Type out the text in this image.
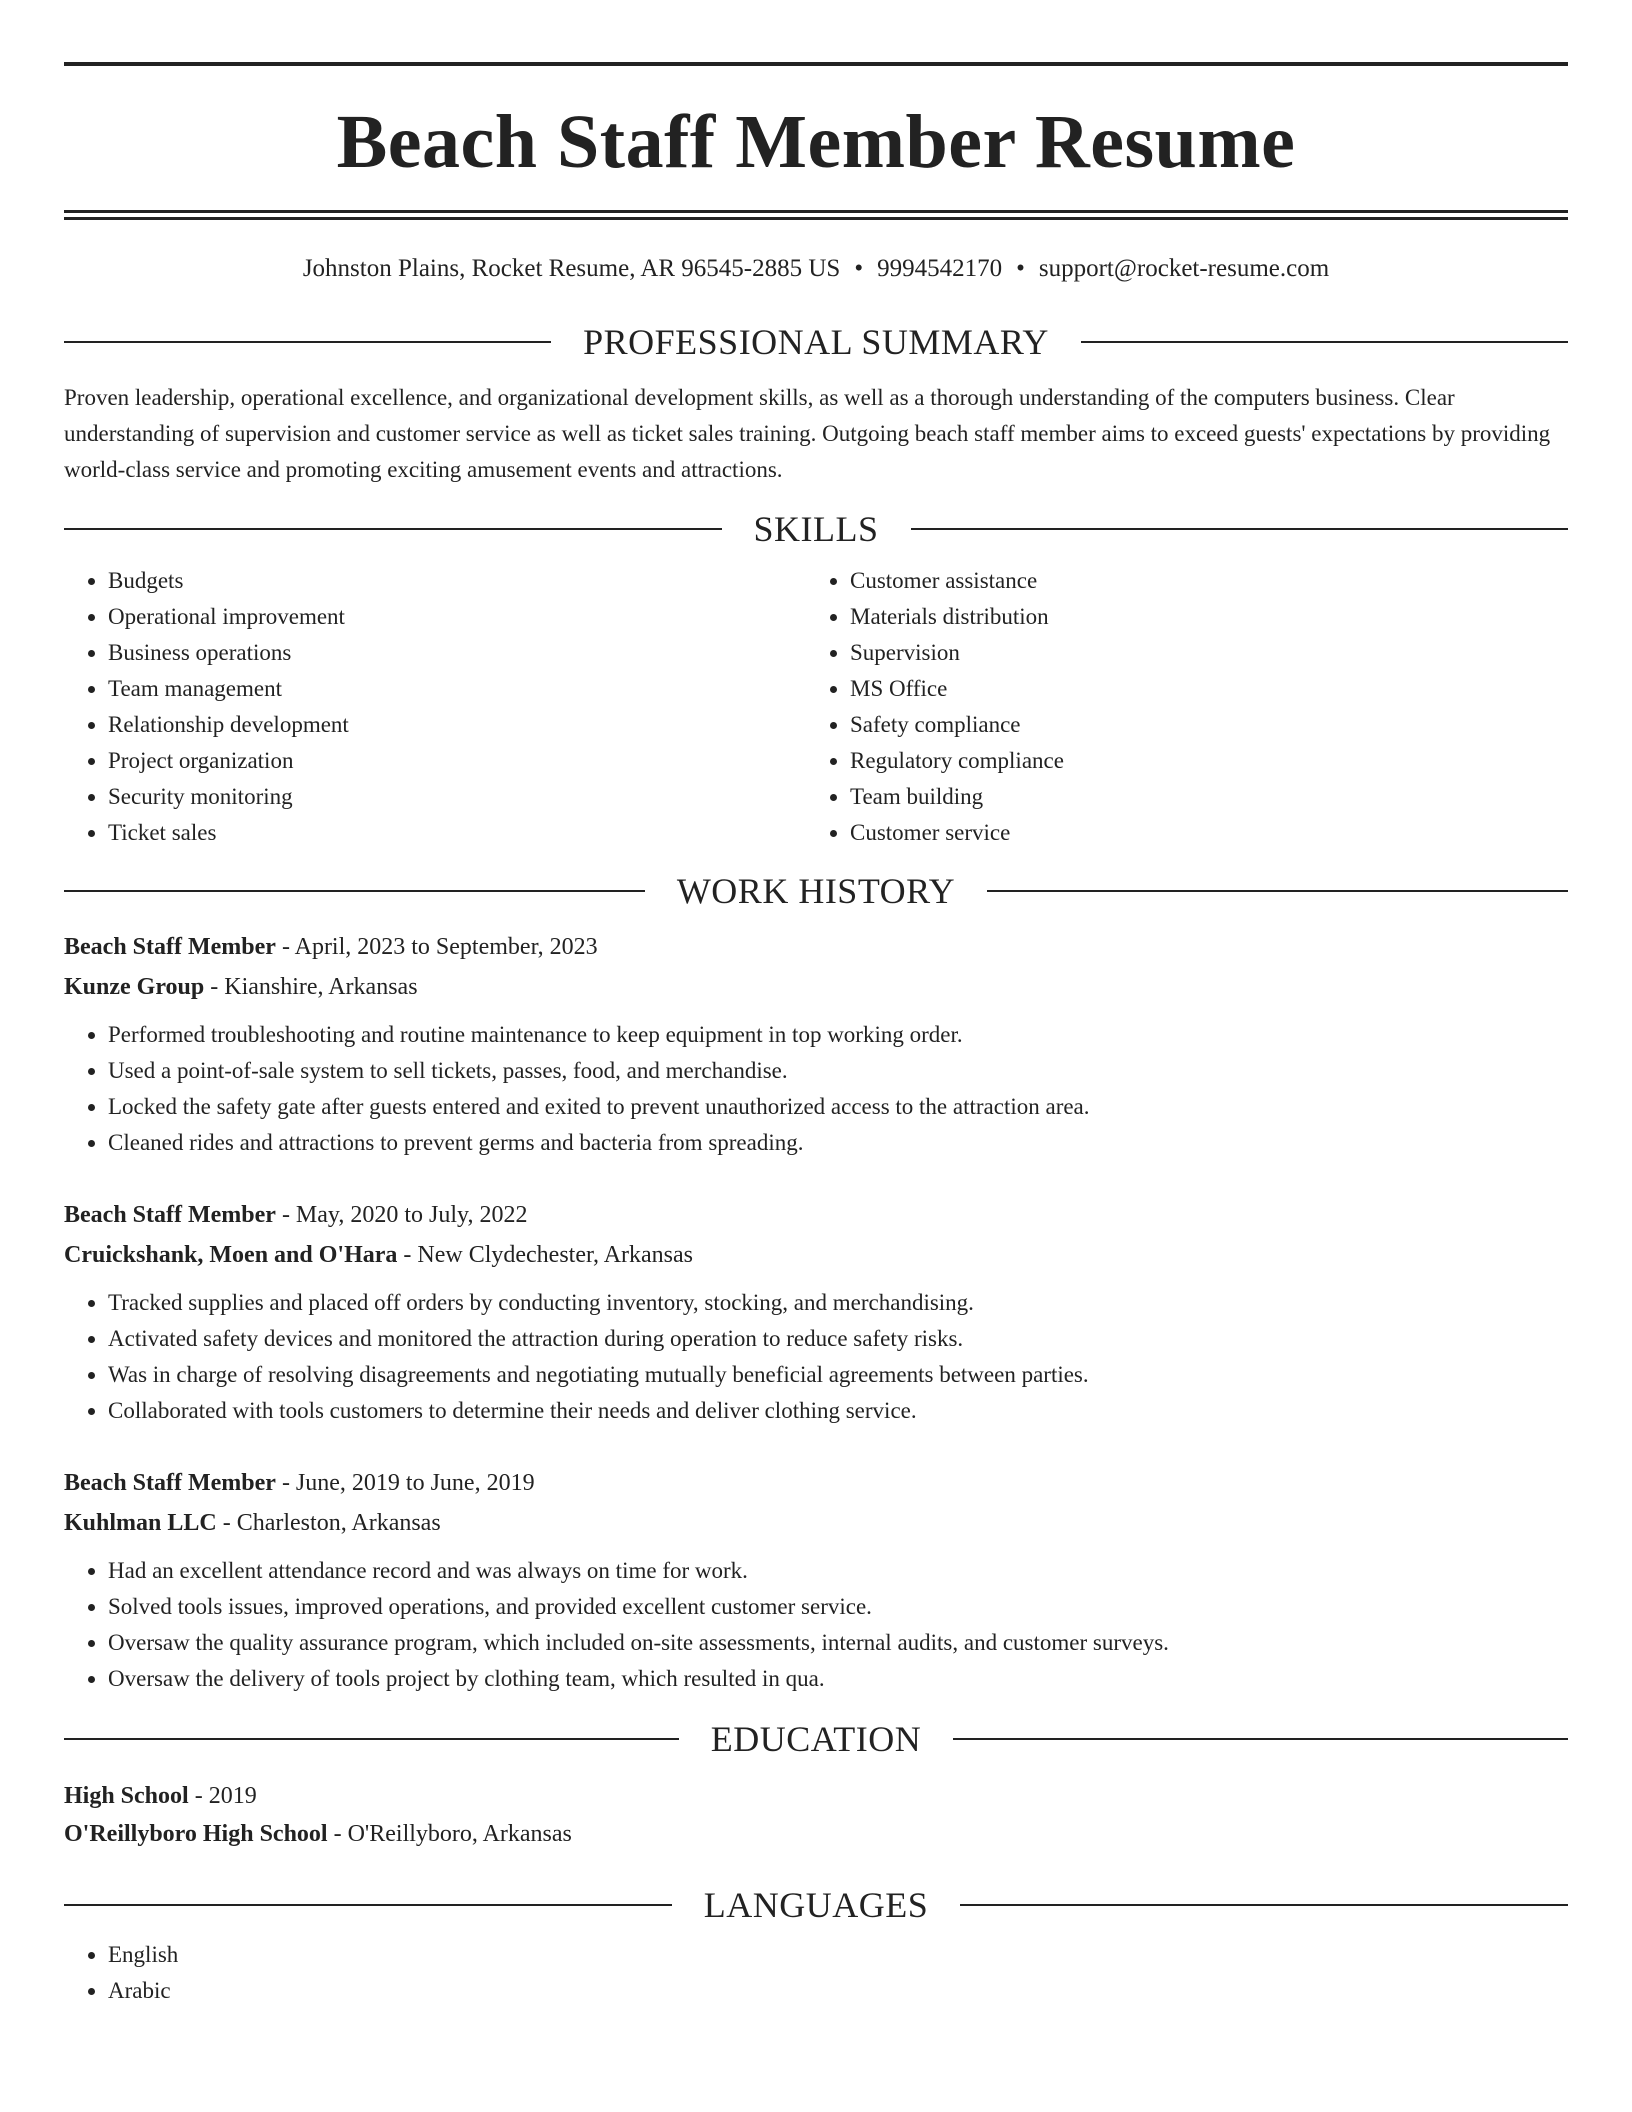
Beach Staff Member Resume
Johnston Plains, Rocket Resume, AR 96545-2885 US • 9994542170 • support@rocket-resume.com
PROFESSIONAL SUMMARY

Proven leadership, operational excellence, and organizational development skills, as well as a thorough understanding of the computers business. Clear understanding of supervision and customer service as well as ticket sales training. Outgoing beach staff member aims to exceed guests' expectations by providing world-class service and promoting exciting amusement events and attractions.

SKILLS
• Budgets
• Operational improvement
• Business operations
• Team management
• Relationship development
• Project organization
• Security monitoring
• Ticket sales
• Customer assistance
• Materials distribution
• Supervision
• MS Office
• Safety compliance
• Regulatory compliance
• Team building
• Customer service
WORK HISTORY
Beach Staff Member - April, 2023 to September, 2023
Kunze Group - Kianshire, Arkansas
• Performed troubleshooting and routine maintenance to keep equipment in top working order.
• Used a point-of-sale system to sell tickets, passes, food, and merchandise.
• Locked the safety gate after guests entered and exited to prevent unauthorized access to the attraction area.
• Cleaned rides and attractions to prevent germs and bacteria from spreading.
Beach Staff Member - May, 2020 to July, 2022
Cruickshank, Moen and O'Hara - New Clydechester, Arkansas
• Tracked supplies and placed off orders by conducting inventory, stocking, and merchandising.
• Activated safety devices and monitored the attraction during operation to reduce safety risks.
• Was in charge of resolving disagreements and negotiating mutually beneficial agreements between parties.
• Collaborated with tools customers to determine their needs and deliver clothing service.
Beach Staff Member - June, 2019 to June, 2019
Kuhlman LLC - Charleston, Arkansas
• Had an excellent attendance record and was always on time for work.
• Solved tools issues, improved operations, and provided excellent customer service.
• Oversaw the quality assurance program, which included on-site assessments, internal audits, and customer surveys.
• Oversaw the delivery of tools project by clothing team, which resulted in qua.
EDUCATION
High School - 2019
O'Reillyboro High School - O'Reillyboro, Arkansas
LANGUAGES
• English
• Arabic
